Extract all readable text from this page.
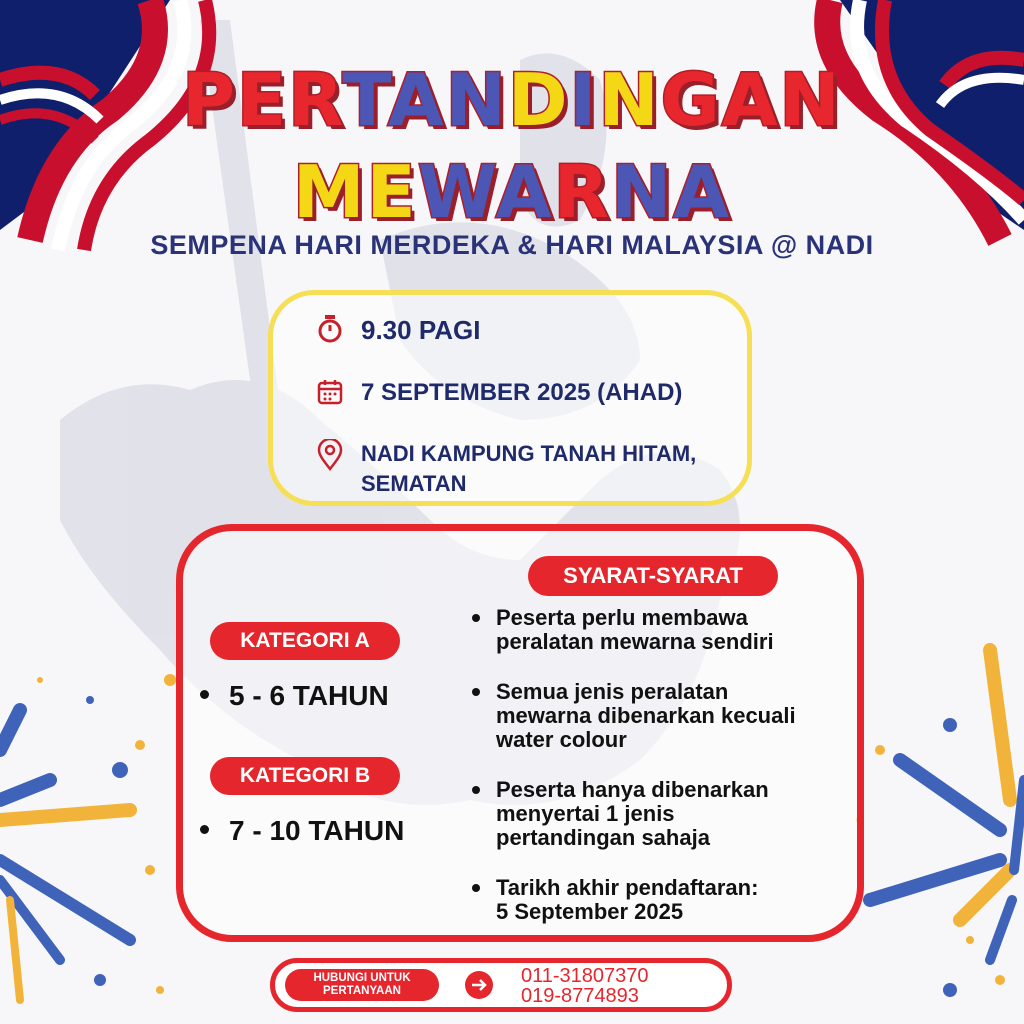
PERTANDINGAN
MEWARNA
SEMPENA HARI MERDEKA & HARI MALAYSIA @ NADI
9.30 PAGI
7 SEPTEMBER 2025 (AHAD)
NADI KAMPUNG TANAH HITAM,
SEMATAN
KATEGORI A
5 - 6 TAHUN
KATEGORI B
7 - 10 TAHUN
SYARAT-SYARAT
Peserta perlu membawa
peralatan mewarna sendiri
Semua jenis peralatan
mewarna dibenarkan kecuali
water colour
Peserta hanya dibenarkan
menyertai 1 jenis
pertandingan sahaja
Tarikh akhir pendaftaran:
5 September 2025
HUBUNGI UNTUK
PERTANYAAN
011-31807370
019-8774893
